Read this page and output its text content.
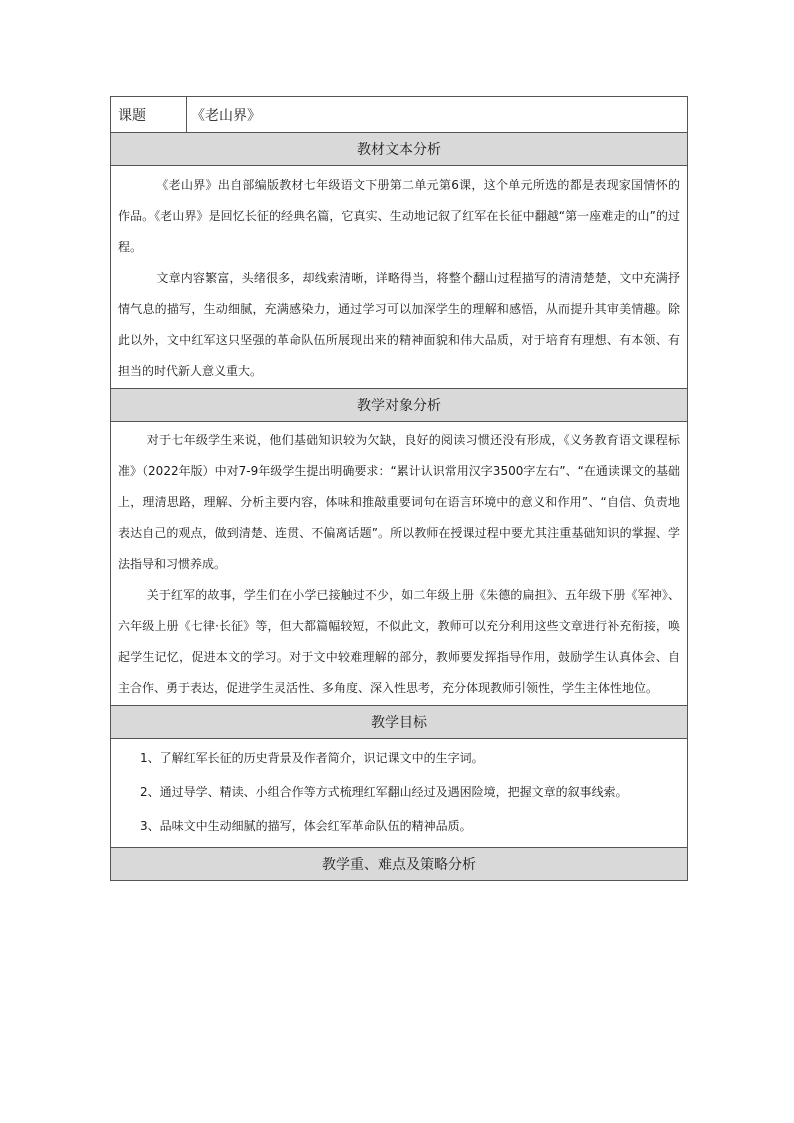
课题	《老山界》
教材文本分析

《老山界》出自部编版教材七年级语文下册第二单元第6课，这个单元所选的都是表现家国情怀的作品。《老山界》是回忆长征的经典名篇，它真实、生动地记叙了红军在长征中翻越“第一座难走的山”的过程。

文章内容繁富，头绪很多，却线索清晰，详略得当，将整个翻山过程描写的清清楚楚，文中充满抒情气息的描写，生动细腻，充满感染力，通过学习可以加深学生的理解和感悟，从而提升其审美情趣。除此以外，文中红军这只坚强的革命队伍所展现出来的精神面貌和伟大品质，对于培育有理想、有本领、有担当的时代新人意义重大。

教学对象分析

对于七年级学生来说，他们基础知识较为欠缺，良好的阅读习惯还没有形成，《义务教育语文课程标准》（2022年版）中对7-9年级学生提出明确要求：“累计认识常用汉字3500字左右”、“在通读课文的基础上，理清思路，理解、分析主要内容，体味和推敲重要词句在语言环境中的意义和作用”、“自信、负责地表达自己的观点，做到清楚、连贯、不偏离话题”。所以教师在授课过程中要尤其注重基础知识的掌握、学法指导和习惯养成。

关于红军的故事，学生们在小学已接触过不少，如二年级上册《朱德的扁担》、五年级下册《军神》、六年级上册《七律·长征》等，但大都篇幅较短，不似此文，教师可以充分利用这些文章进行补充衔接，唤起学生记忆，促进本文的学习。对于文中较难理解的部分，教师要发挥指导作用，鼓励学生认真体会、自主合作、勇于表达，促进学生灵活性、多角度、深入性思考，充分体现教师引领性，学生主体性地位。

教学目标

1、了解红军长征的历史背景及作者简介，识记课文中的生字词。

2、通过导学、精读、小组合作等方式梳理红军翻山经过及遇困险境，把握文章的叙事线索。

3、品味文中生动细腻的描写，体会红军革命队伍的精神品质。

教学重、难点及策略分析
